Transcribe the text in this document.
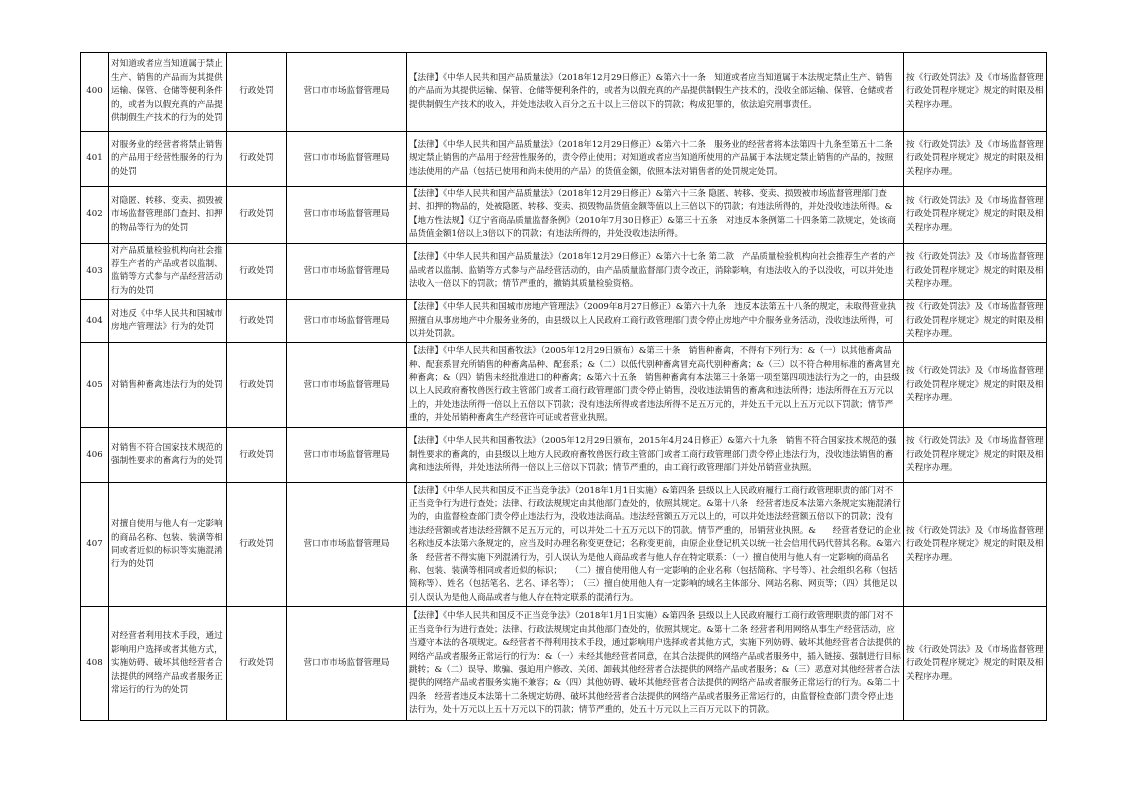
400	对知道或者应当知道属于禁止生产、销售的产品而为其提供运输、保管、仓储等便利条件的，或者为以假充真的产品提供制假生产技术的行为的处罚	行政处罚	营口市市场监督管理局	【法律】《中华人民共和国产品质量法》（2018年12月29日修正）&第六十一条　知道或者应当知道属于本法规定禁止生产、销售的产品而为其提供运输、保管、仓储等便利条件的，或者为以假充真的产品提供制假生产技术的，没收全部运输、保管、仓储或者提供制假生产技术的收入，并处违法收入百分之五十以上三倍以下的罚款；构成犯罪的，依法追究刑事责任。	按《行政处罚法》及《市场监督管理行政处罚程序规定》规定的时限及相关程序办理。
401	对服务业的经营者将禁止销售的产品用于经营性服务的行为的处罚	行政处罚	营口市市场监督管理局	【法律】《中华人民共和国产品质量法》（2018年12月29日修正）&第六十二条　服务业的经营者将本法第四十九条至第五十二条规定禁止销售的产品用于经营性服务的，责令停止使用；对知道或者应当知道所使用的产品属于本法规定禁止销售的产品的，按照违法使用的产品（包括已使用和尚未使用的产品）的货值金额，依照本法对销售者的处罚规定处罚。	按《行政处罚法》及《市场监督管理行政处罚程序规定》规定的时限及相关程序办理。
402	对隐匿、转移、变卖、损毁被市场监督管理部门查封、扣押的物品等行为的处罚	行政处罚	营口市市场监督管理局	【法律】《中华人民共和国产品质量法》（2018年12月29日修正）&第六十三条 隐匿、转移、变卖、损毁被市场监督管理部门查封、扣押的物品的，处被隐匿、转移、变卖、损毁物品货值金额等值以上三倍以下的罚款；有违法所得的，并处没收违法所得。&【地方性法规】《辽宁省商品质量监督条例》（2010年7月30日修正）&第三十五条　对违反本条例第二十四条第二款规定，处该商品货值金额1倍以上3倍以下的罚款；有违法所得的，并处没收违法所得。	按《行政处罚法》及《市场监督管理行政处罚程序规定》规定的时限及相关程序办理。
403	对产品质量检验机构向社会推荐生产者的产品或者以监制、监销等方式参与产品经营活动行为的处罚	行政处罚	营口市市场监督管理局	【法律】《中华人民共和国产品质量法》（2018年12月29日修正）&第六十七条 第二款　产品质量检验机构向社会推荐生产者的产品或者以监制、监销等方式参与产品经营活动的，由产品质量监督部门责令改正，消除影响，有违法收入的予以没收，可以并处违法收入一倍以下的罚款；情节严重的，撤销其质量检验资格。	按《行政处罚法》及《市场监督管理行政处罚程序规定》规定的时限及相关程序办理。
404	对违反《中华人民共和国城市房地产管理法》行为的处罚	行政处罚	营口市市场监督管理局	【法律】《中华人民共和国城市房地产管理法》（2009年8月27日修正）&第六十九条　违反本法第五十八条的规定，未取得营业执照擅自从事房地产中介服务业务的，由县级以上人民政府工商行政管理部门责令停止房地产中介服务业务活动，没收违法所得，可以并处罚款。	按《行政处罚法》及《市场监督管理行政处罚程序规定》规定的时限及相关程序办理。
405	对销售种畜禽违法行为的处罚	行政处罚	营口市市场监督管理局	【法律】《中华人民共和国畜牧法》（2005年12月29日颁布）&第三十条　销售种畜禽，不得有下列行为：&（一）以其他畜禽品种、配套系冒充所销售的种畜禽品种、配套系；&（二）以低代别种畜禽冒充高代别种畜禽；&（三）以不符合种用标准的畜禽冒充种畜禽；&（四）销售未经批准进口的种畜禽；&第六十五条　销售种畜禽有本法第三十条第一项至第四项违法行为之一的，由县级以上人民政府畜牧兽医行政主管部门或者工商行政管理部门责令停止销售，没收违法销售的畜禽和违法所得；违法所得在五万元以上的，并处违法所得一倍以上五倍以下罚款；没有违法所得或者违法所得不足五万元的，并处五千元以上五万元以下罚款；情节严重的，并处吊销种畜禽生产经营许可证或者营业执照。	按《行政处罚法》及《市场监督管理行政处罚程序规定》规定的时限及相关程序办理。
406	对销售不符合国家技术规范的强制性要求的畜禽行为的处罚	行政处罚	营口市市场监督管理局	【法律】《中华人民共和国畜牧法》（2005年12月29日颁布，2015年4月24日修正）&第六十九条　销售不符合国家技术规范的强制性要求的畜禽的，由县级以上地方人民政府畜牧兽医行政主管部门或者工商行政管理部门责令停止违法行为，没收违法销售的畜禽和违法所得，并处违法所得一倍以上三倍以下罚款；情节严重的，由工商行政管理部门并处吊销营业执照。	按《行政处罚法》及《市场监督管理行政处罚程序规定》规定的时限及相关程序办理。
407	对擅自使用与他人有一定影响的商品名称、包装、装潢等相同或者近似的标识等实施混淆行为的处罚	行政处罚	营口市市场监督管理局	【法律】《中华人民共和国反不正当竞争法》（2018年1月1日实施）&第四条 县级以上人民政府履行工商行政管理职责的部门对不正当竞争行为进行查处；法律、行政法规规定由其他部门查处的，依照其规定。&第十八条　经营者违反本法第六条规定实施混淆行为的，由监督检查部门责令停止违法行为，没收违法商品。违法经营额五万元以上的，可以并处违法经营额五倍以下的罚款；没有违法经营额或者违法经营额不足五万元的，可以并处二十五万元以下的罚款。情节严重的，吊销营业执照。&　　经营者登记的企业名称违反本法第六条规定的，应当及时办理名称变更登记；名称变更前，由原企业登记机关以统一社会信用代码代替其名称。&第六条　经营者不得实施下列混淆行为，引人误认为是他人商品或者与他人存在特定联系：（一）擅自使用与他人有一定影响的商品名称、包装、装潢等相同或者近似的标识；　　（二）擅自使用他人有一定影响的企业名称（包括简称、字号等）、社会组织名称（包括简称等）、姓名（包括笔名、艺名、译名等）；　（三）擅自使用他人有一定影响的域名主体部分、网站名称、网页等；（四）其他足以引人误认为是他人商品或者与他人存在特定联系的混淆行为。	按《行政处罚法》及《市场监督管理行政处罚程序规定》规定的时限及相关程序办理。
408	对经营者利用技术手段，通过影响用户选择或者其他方式，实施妨碍、破坏其他经营者合法提供的网络产品或者服务正常运行的行为的处罚	行政处罚	营口市市场监督管理局	【法律】《中华人民共和国反不正当竞争法》（2018年1月1日实施）&第四条 县级以上人民政府履行工商行政管理职责的部门对不正当竞争行为进行查处；法律、行政法规规定由其他部门查处的，依照其规定。&第十二条 经营者利用网络从事生产经营活动，应当遵守本法的各项规定。&经营者不得利用技术手段，通过影响用户选择或者其他方式，实施下列妨碍、破坏其他经营者合法提供的网络产品或者服务正常运行的行为：&（一）未经其他经营者同意，在其合法提供的网络产品或者服务中，插入链接、强制进行目标跳转；&（二）误导、欺骗、强迫用户修改、关闭、卸载其他经营者合法提供的网络产品或者服务；&（三）恶意对其他经营者合法提供的网络产品或者服务实施不兼容；&（四）其他妨碍、破坏其他经营者合法提供的网络产品或者服务正常运行的行为。&第二十四条　经营者违反本法第十二条规定妨碍、破坏其他经营者合法提供的网络产品或者服务正常运行的，由监督检查部门责令停止违法行为，处十万元以上五十万元以下的罚款；情节严重的，处五十万元以上三百万元以下的罚款。	按《行政处罚法》及《市场监督管理行政处罚程序规定》规定的时限及相关程序办理。
